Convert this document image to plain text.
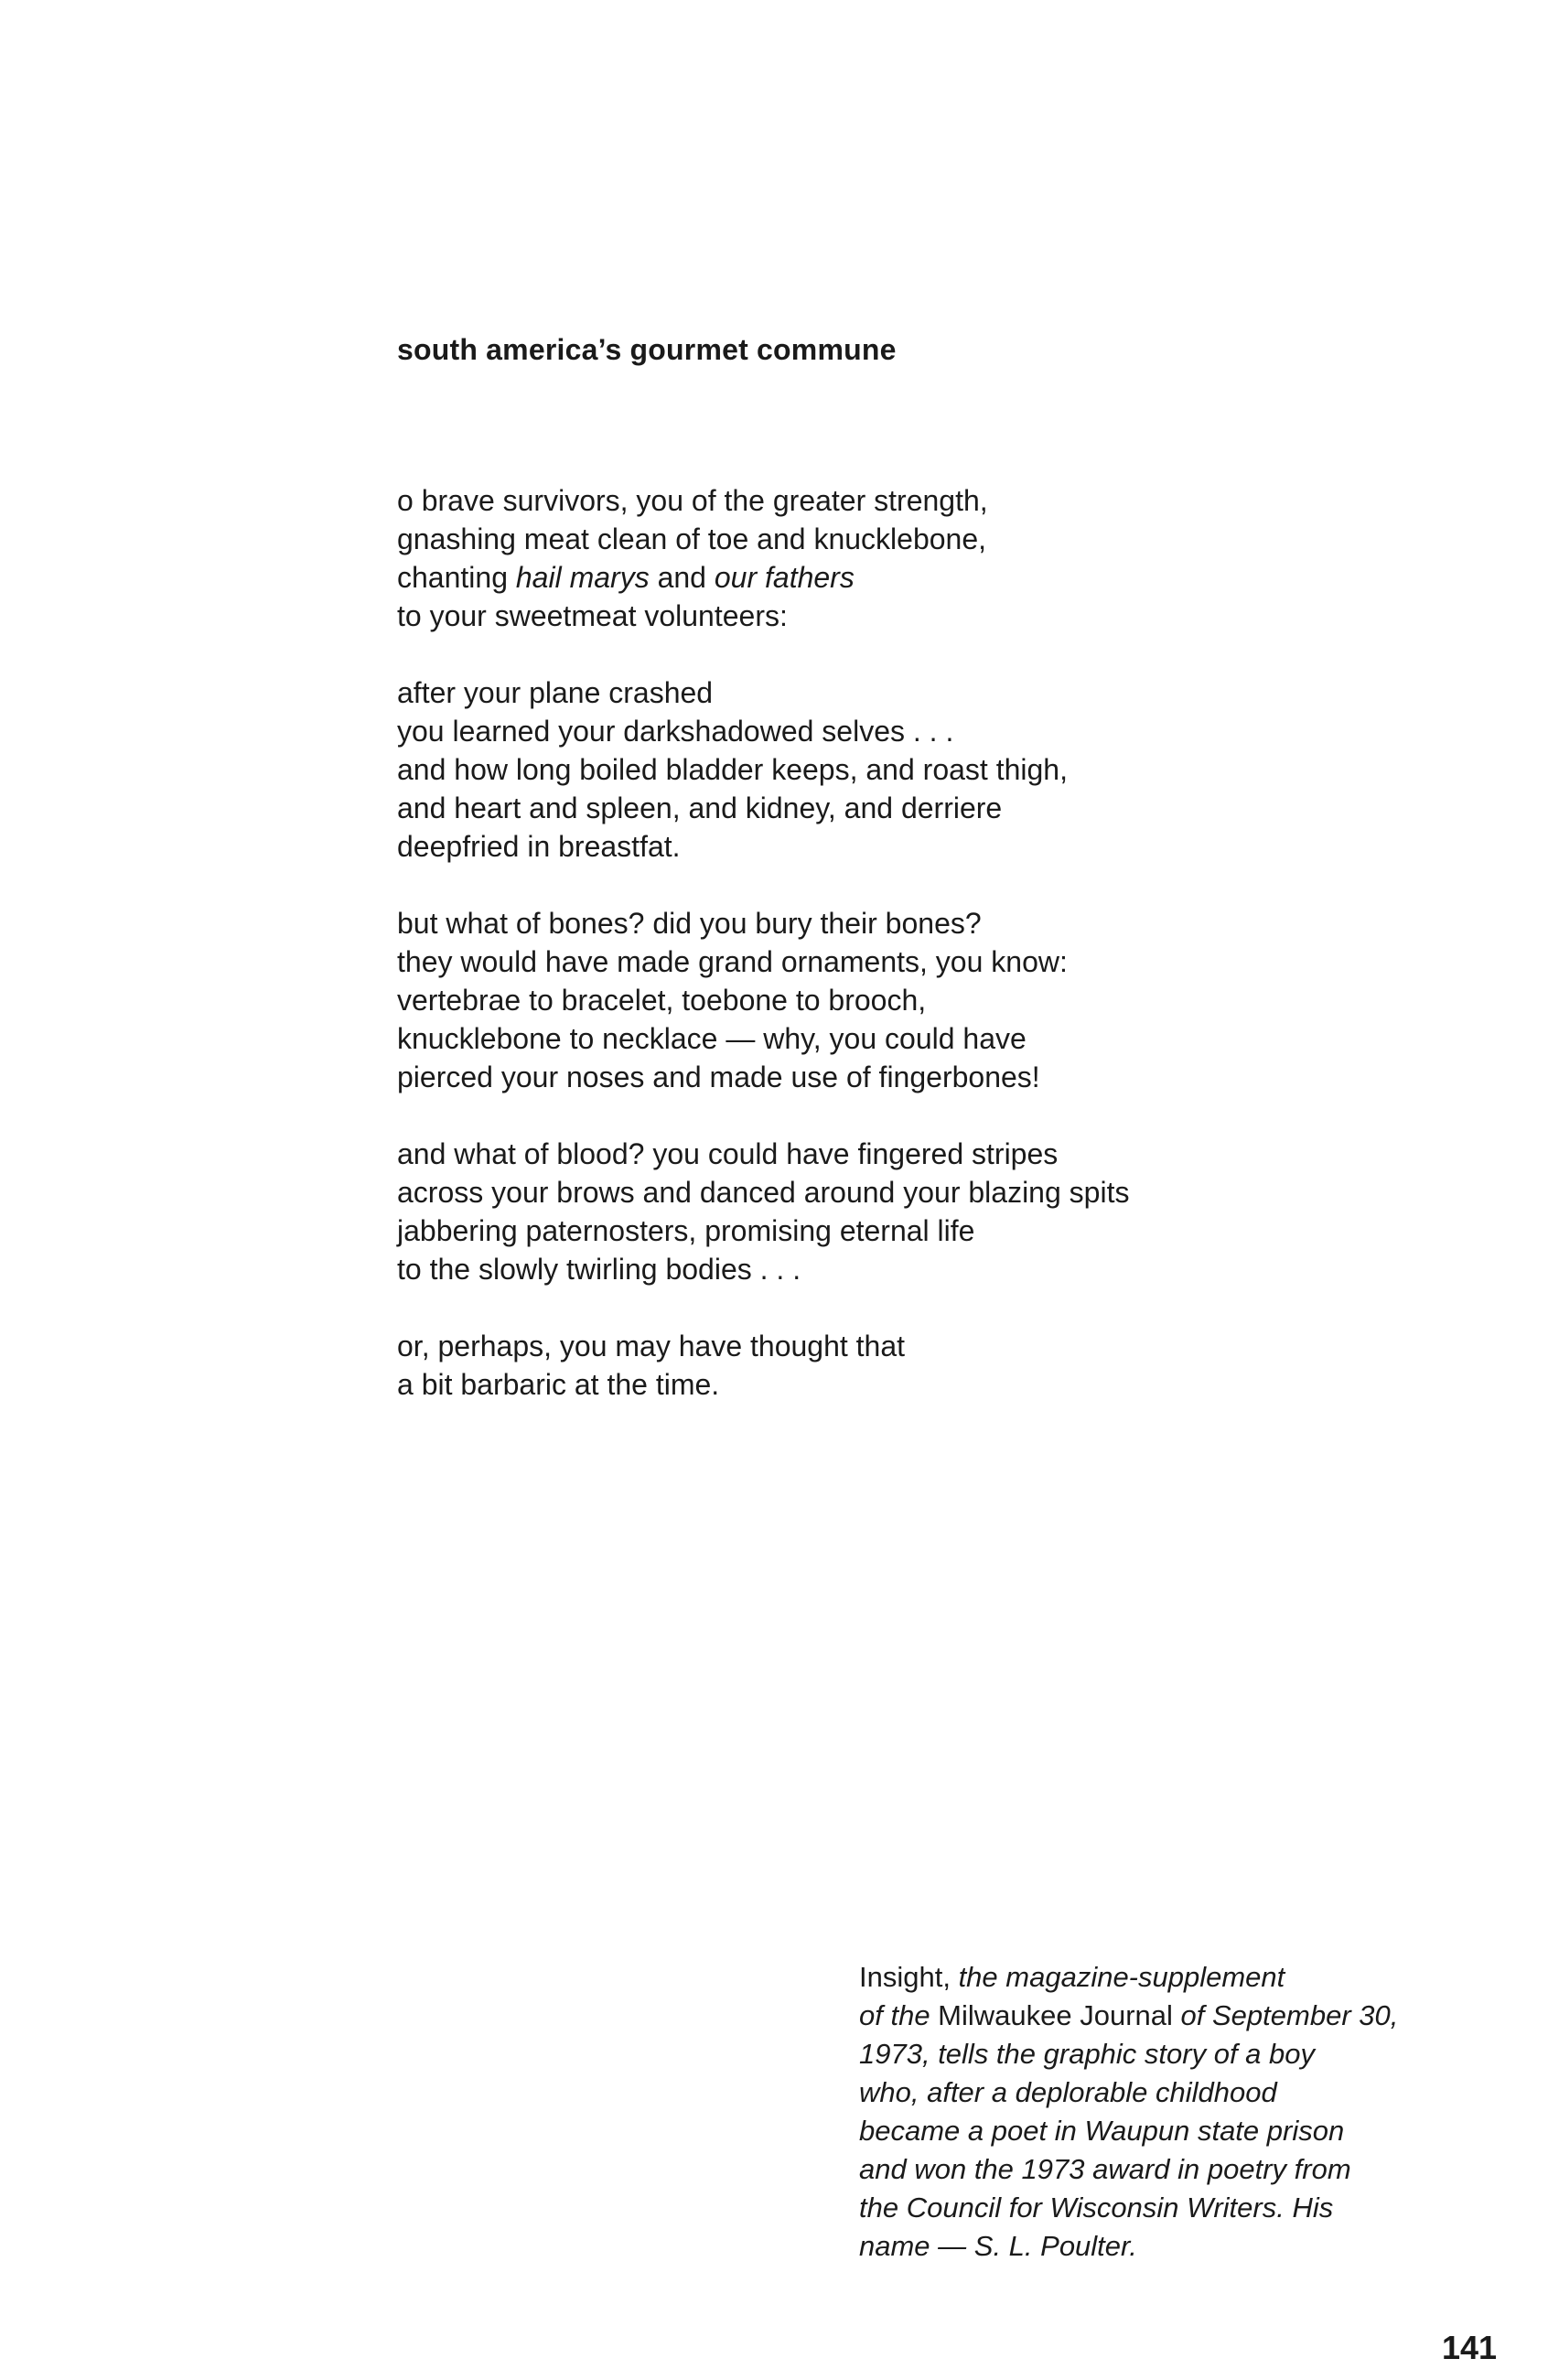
south america’s gourmet commune
o brave survivors, you of the greater strength,
gnashing meat clean of toe and knucklebone,
chanting hail marys and our fathers
to your sweetmeat volunteers:
after your plane crashed
you learned your darkshadowed selves . . .
and how long boiled bladder keeps, and roast thigh,
and heart and spleen, and kidney, and derriere
deepfried in breastfat.
but what of bones? did you bury their bones?
they would have made grand ornaments, you know:
vertebrae to bracelet, toebone to brooch,
knucklebone to necklace — why, you could have
pierced your noses and made use of fingerbones!
and what of blood? you could have fingered stripes
across your brows and danced around your blazing spits
jabbering paternosters, promising eternal life
to the slowly twirling bodies . . .
or, perhaps, you may have thought that
a bit barbaric at the time.
Insight, the magazine-supplement
of the Milwaukee Journal of September 30,
1973, tells the graphic story of a boy
who, after a deplorable childhood
became a poet in Waupun state prison
and won the 1973 award in poetry from
the Council for Wisconsin Writers. His
name — S. L. Poulter.
141
